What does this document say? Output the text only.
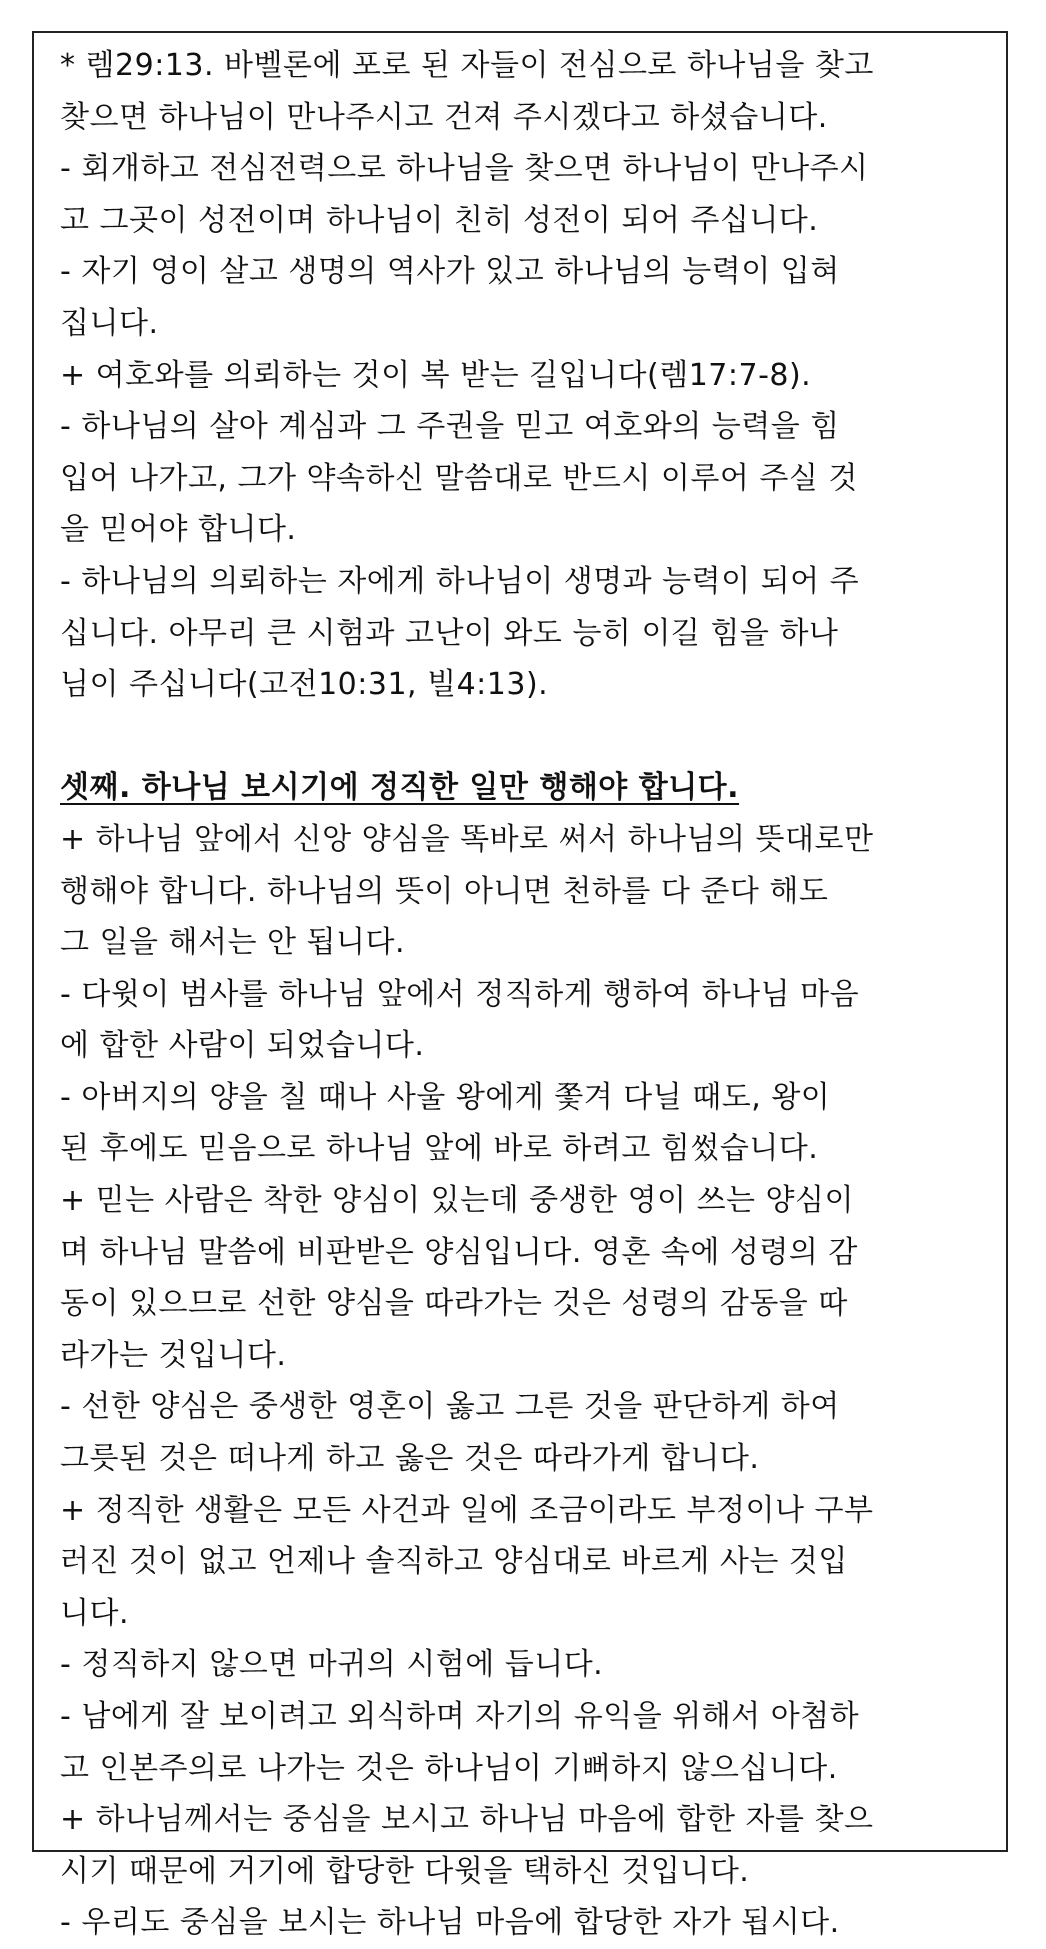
* 렘29:13. 바벨론에 포로 된 자들이 전심으로 하나님을 찾고
찾으면 하나님이 만나주시고 건져 주시겠다고 하셨습니다.
- 회개하고 전심전력으로 하나님을 찾으면 하나님이 만나주시
고 그곳이 성전이며 하나님이 친히 성전이 되어 주십니다.
- 자기 영이 살고 생명의 역사가 있고 하나님의 능력이 입혀
집니다.
+ 여호와를 의뢰하는 것이 복 받는 길입니다(렘17:7-8).
- 하나님의 살아 계심과 그 주권을 믿고 여호와의 능력을 힘
입어 나가고, 그가 약속하신 말씀대로 반드시 이루어 주실 것
을 믿어야 합니다.
- 하나님의 의뢰하는 자에게 하나님이 생명과 능력이 되어 주
십니다. 아무리 큰 시험과 고난이 와도 능히 이길 힘을 하나
님이 주십니다(고전10:31, 빌4:13).
셋째. 하나님 보시기에 정직한 일만 행해야 합니다.
+ 하나님 앞에서 신앙 양심을 똑바로 써서 하나님의 뜻대로만
행해야 합니다. 하나님의 뜻이 아니면 천하를 다 준다 해도
그 일을 해서는 안 됩니다.
- 다윗이 범사를 하나님 앞에서 정직하게 행하여 하나님 마음
에 합한 사람이 되었습니다.
- 아버지의 양을 칠 때나 사울 왕에게 쫓겨 다닐 때도, 왕이
된 후에도 믿음으로 하나님 앞에 바로 하려고 힘썼습니다.
+ 믿는 사람은 착한 양심이 있는데 중생한 영이 쓰는 양심이
며 하나님 말씀에 비판받은 양심입니다. 영혼 속에 성령의 감
동이 있으므로 선한 양심을 따라가는 것은 성령의 감동을 따
라가는 것입니다.
- 선한 양심은 중생한 영혼이 옳고 그른 것을 판단하게 하여
그릇된 것은 떠나게 하고 옳은 것은 따라가게 합니다.
+ 정직한 생활은 모든 사건과 일에 조금이라도 부정이나 구부
러진 것이 없고 언제나 솔직하고 양심대로 바르게 사는 것입
니다.
- 정직하지 않으면 마귀의 시험에 듭니다.
- 남에게 잘 보이려고 외식하며 자기의 유익을 위해서 아첨하
고 인본주의로 나가는 것은 하나님이 기뻐하지 않으십니다.
+ 하나님께서는 중심을 보시고 하나님 마음에 합한 자를 찾으
시기 때문에 거기에 합당한 다윗을 택하신 것입니다.
- 우리도 중심을 보시는 하나님 마음에 합당한 자가 됩시다.
